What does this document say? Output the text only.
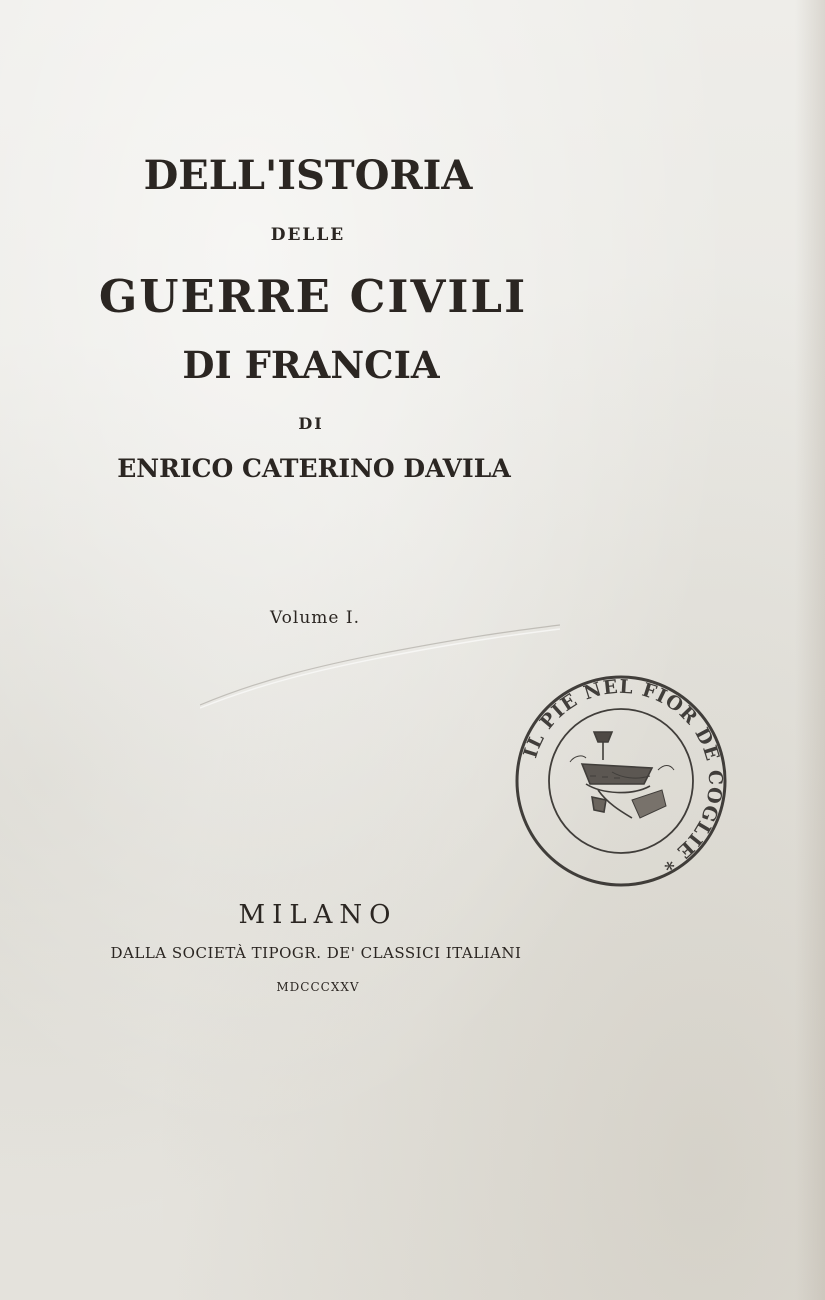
DELL'ISTORIA
DELLE
GUERRE CIVILI
DI FRANCIA
DI
ENRICO CATERINO DAVILA
Volume I.
MILANO
DALLA SOCIETÀ TIPOGR. DE' CLASSICI ITALIANI
MDCCCXXV
IL PIE NEL FIOR DE COGLIE *
